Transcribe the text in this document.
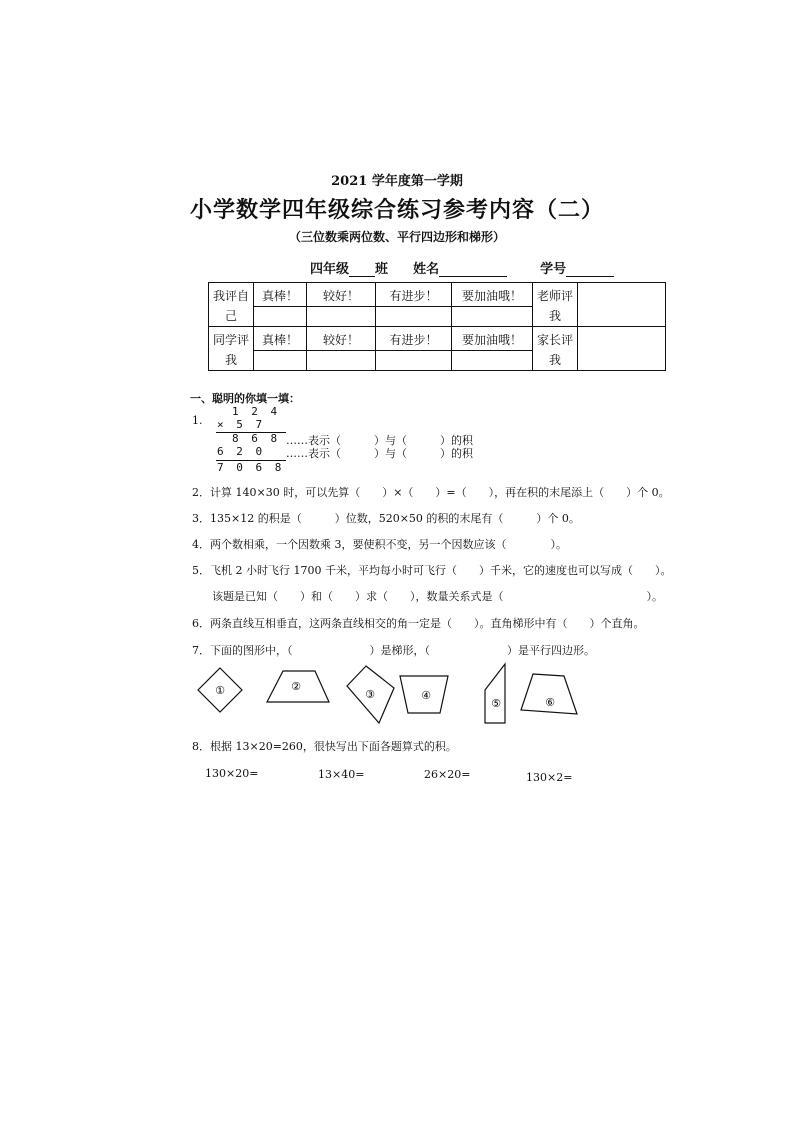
2021 学年度第一学期
小学数学四年级综合练习参考内容（二）
（三位数乘两位数、平行四边形和梯形）
四年级 班 姓名	学号
我评自己	真棒！	较好！	有进步！	要加油哦！	老师评我	
同学评我	真棒！	较好！	有进步！	要加油哦！	家长评我	
一、聪明的你填一填：
1.
1 2 4
× 5 7
8 6 8 ……表示（　　　）与（　　　）的积
6 2 0 ……表示（　　　）与（　　　）的积
7 0 6 8
2．计算 140×30 时，可以先算（　　）×（　　）=（　　），再在积的末尾添上（　　）个 0。
3．135×12 的积是（　　　）位数，520×50 的积的末尾有（　　　）个 0。
4．两个数相乘，一个因数乘 3，要使积不变，另一个因数应该（　　　　）。
5．飞机 2 小时飞行 1700 千米，平均每小时可飞行（　　）千米，它的速度也可以写成（　　）。
该题是已知（　　）和（　　）求（　　），数量关系式是（　　　　　　　　　　　　　）。
6．两条直线互相垂直，这两条直线相交的角一定是（　　）。直角梯形中有（　　）个直角。
7．下面的图形中，（　　　　　　　）是梯形，（　　　　　　　）是平行四边形。
①	②
③	④
⑤	⑥
8．根据 13×20=260，很快写出下面各题算式的积。
130×20=	13×40=	26×20=	130×2=
